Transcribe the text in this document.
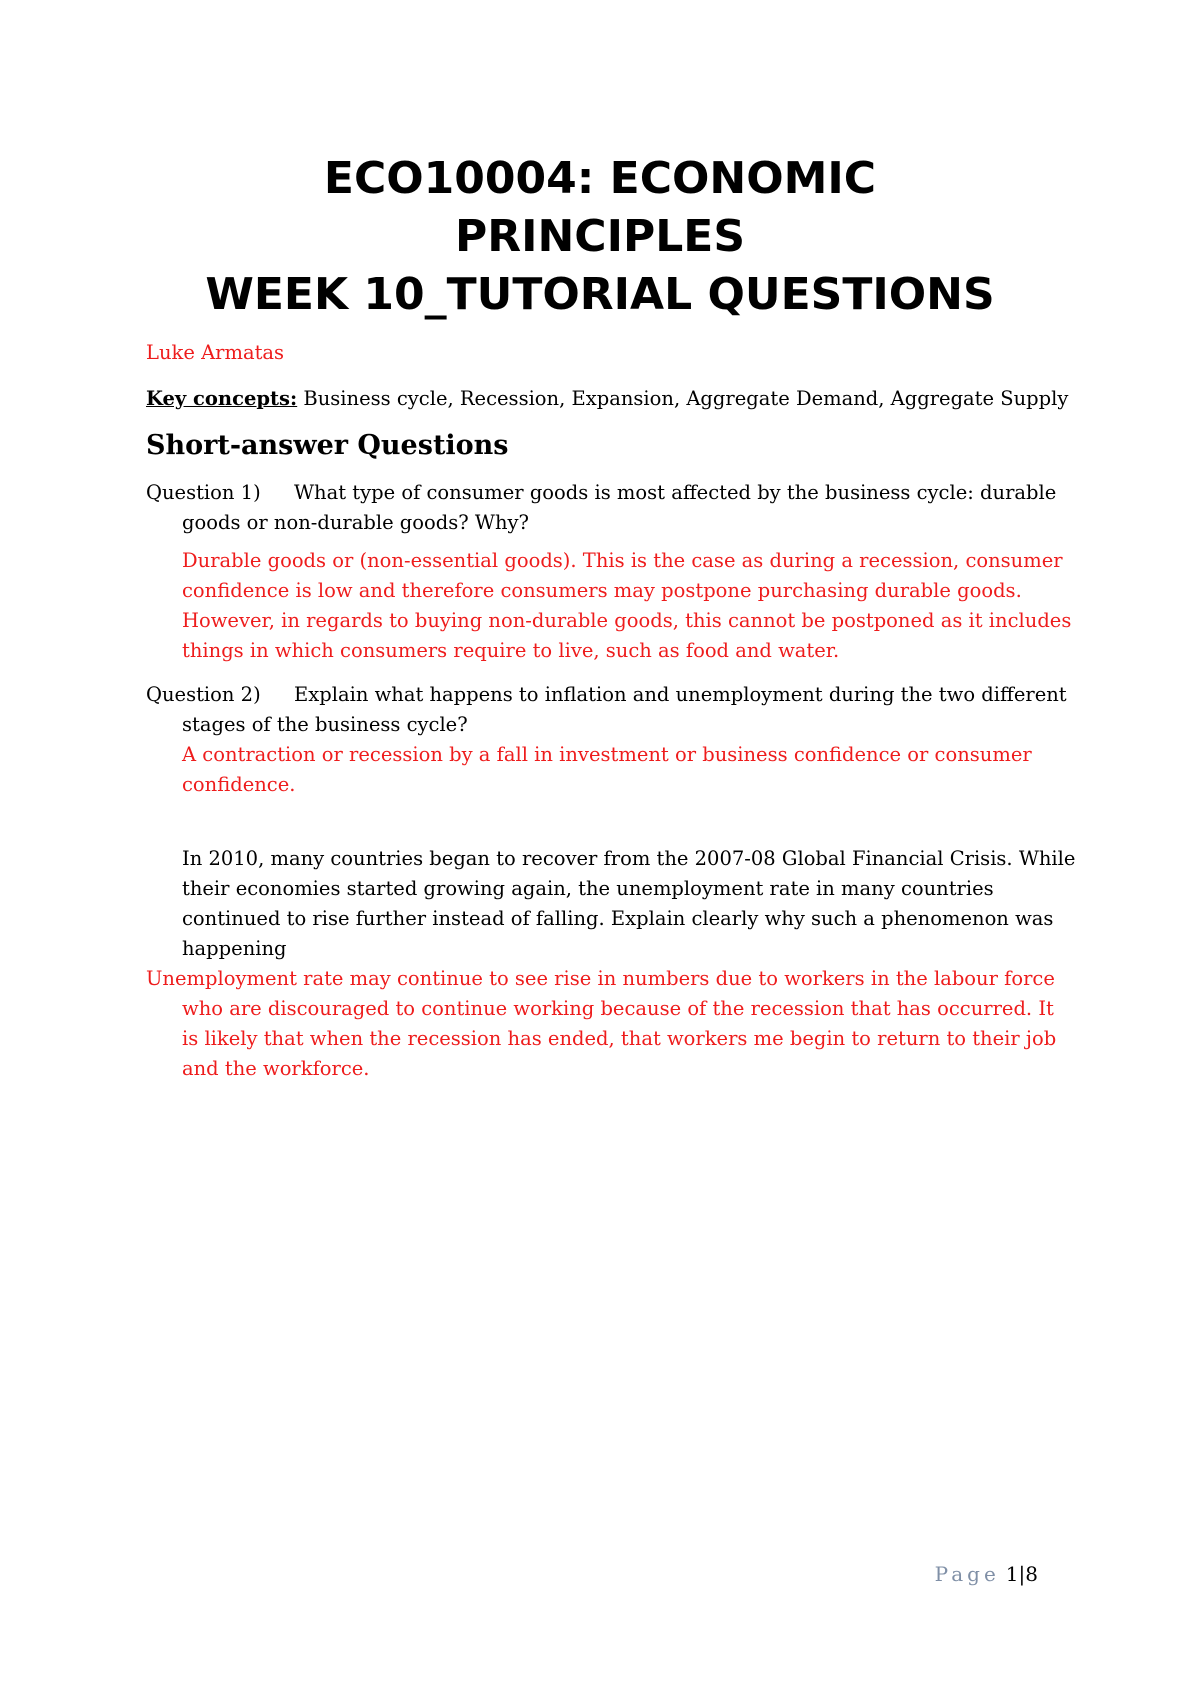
ECO10004: ECONOMIC
PRINCIPLES
WEEK 10_TUTORIAL QUESTIONS

Luke Armatas

Key concepts: Business cycle, Recession, Expansion, Aggregate Demand, Aggregate Supply

Short-answer Questions

Question 1) What type of consumer goods is most affected by the business cycle: durable goods or non-durable goods? Why?

Durable goods or (non-essential goods). This is the case as during a recession, consumer confidence is low and therefore consumers may postpone purchasing durable goods. However, in regards to buying non-durable goods, this cannot be postponed as it includes things in which consumers require to live, such as food and water.

Question 2) Explain what happens to inflation and unemployment during the two different stages of the business cycle?

A contraction or recession by a fall in investment or business confidence or consumer confidence.

In 2010, many countries began to recover from the 2007-08 Global Financial Crisis. While their economies started growing again, the unemployment rate in many countries continued to rise further instead of falling. Explain clearly why such a phenomenon was happening

Unemployment rate may continue to see rise in numbers due to workers in the labour force who are discouraged to continue working because of the recession that has occurred. It is likely that when the recession has ended, that workers me begin to return to their job and the workforce.

Page 1|8
